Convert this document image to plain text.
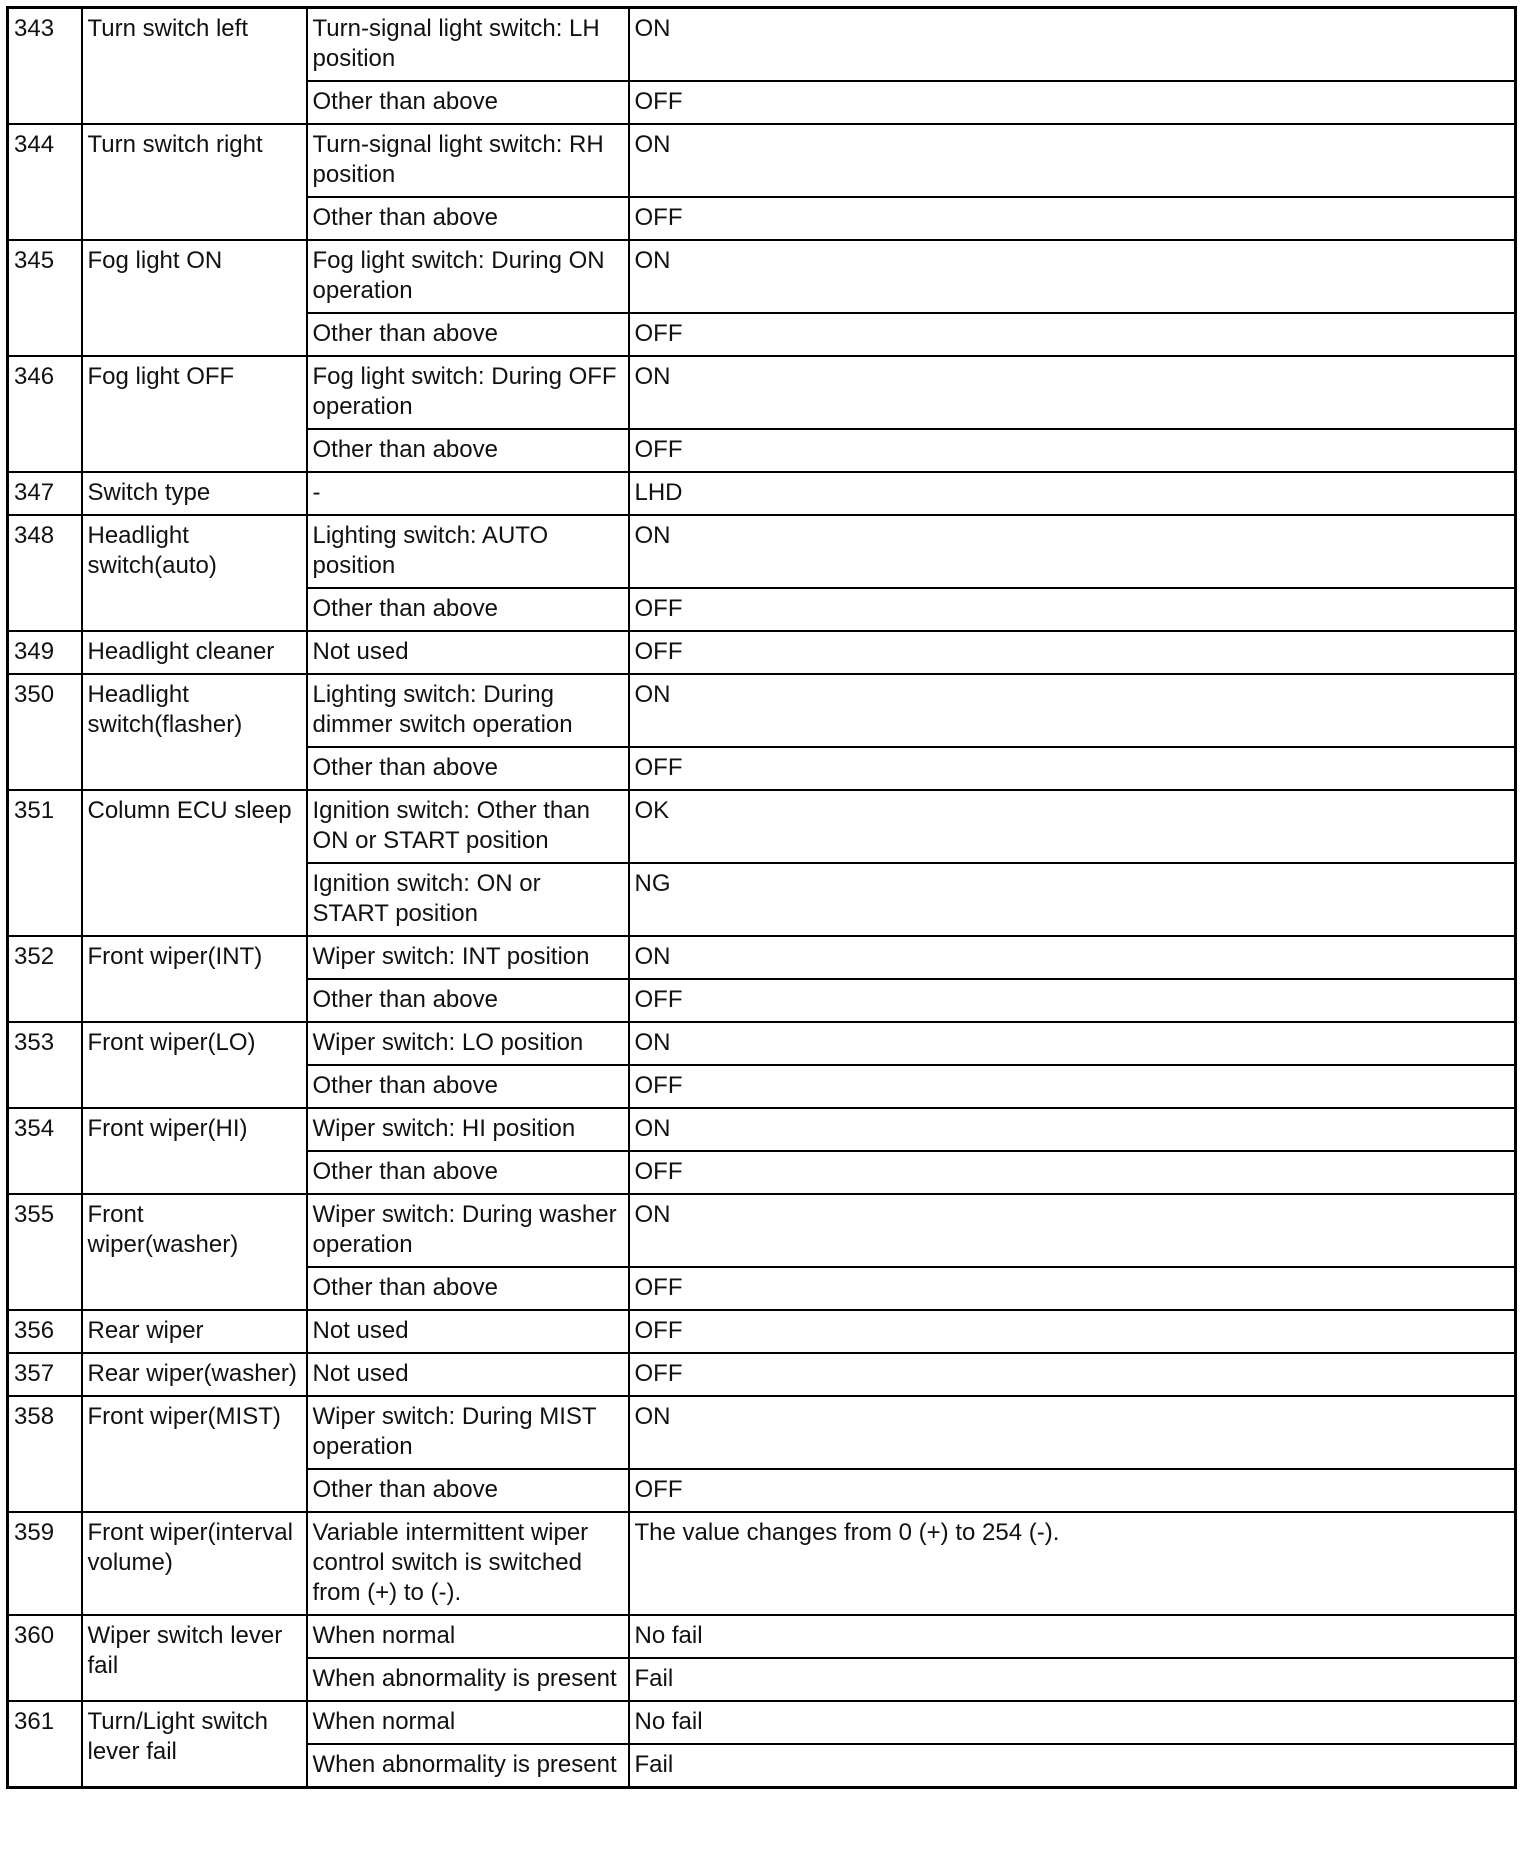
343	Turn switch left	Turn-signal light switch: LH position	ON
		Other than above	OFF
344	Turn switch right	Turn-signal light switch: RH position	ON
		Other than above	OFF
345	Fog light ON	Fog light switch: During ON operation	ON
		Other than above	OFF
346	Fog light OFF	Fog light switch: During OFF operation	ON
		Other than above	OFF
347	Switch type	-	LHD
348	Headlight switch(auto)	Lighting switch: AUTO position	ON
		Other than above	OFF
349	Headlight cleaner	Not used	OFF
350	Headlight switch(flasher)	Lighting switch: During dimmer switch operation	ON
		Other than above	OFF
351	Column ECU sleep	Ignition switch: Other than ON or START position	OK
		Ignition switch: ON or START position	NG
352	Front wiper(INT)	Wiper switch: INT position	ON
		Other than above	OFF
353	Front wiper(LO)	Wiper switch: LO position	ON
		Other than above	OFF
354	Front wiper(HI)	Wiper switch: HI position	ON
		Other than above	OFF
355	Front wiper(washer)	Wiper switch: During washer operation	ON
		Other than above	OFF
356	Rear wiper	Not used	OFF
357	Rear wiper(washer)	Not used	OFF
358	Front wiper(MIST)	Wiper switch: During MIST operation	ON
		Other than above	OFF
359	Front wiper(interval volume)	Variable intermittent wiper control switch is switched from (+) to (-).	The value changes from 0 (+) to 254 (-).
360	Wiper switch lever fail	When normal	No fail
		When abnormality is present	Fail
361	Turn/Light switch lever fail	When normal	No fail
		When abnormality is present	Fail
